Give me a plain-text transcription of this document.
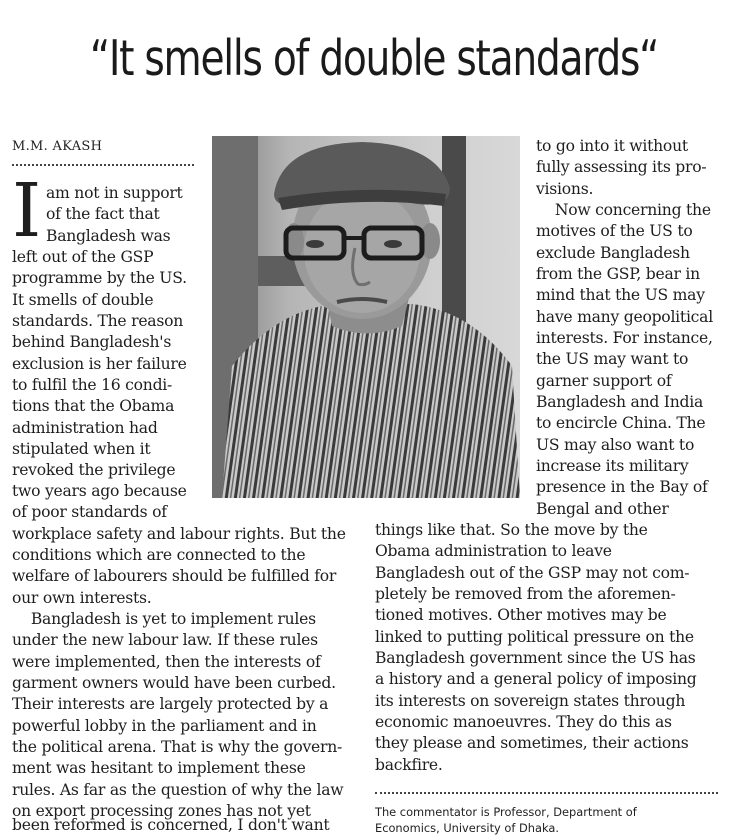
“It smells of double standards“
M.M. AKASH
I am not in support
of the fact that
Bangladesh was
left out of the GSP
programme by the US.
It smells of double
standards. The reason
behind Bangladesh's
exclusion is her failure
to fulfil the 16 condi-
tions that the Obama
administration had
stipulated when it
revoked the privilege
two years ago because
of poor standards of
workplace safety and labour rights. But the
conditions which are connected to the
welfare of labourers should be fulfilled for
our own interests.
Bangladesh is yet to implement rules
under the new labour law. If these rules
were implemented, then the interests of
garment owners would have been curbed.
Their interests are largely protected by a
powerful lobby in the parliament and in
the political arena. That is why the govern-
ment was hesitant to implement these
rules. As far as the question of why the law
on export processing zones has not yet
been reformed is concerned, I don't want
to go into it without
fully assessing its pro-
visions.
Now concerning the
motives of the US to
exclude Bangladesh
from the GSP, bear in
mind that the US may
have many geopolitical
interests. For instance,
the US may want to
garner support of
Bangladesh and India
to encircle China. The
US may also want to
increase its military
presence in the Bay of
Bengal and other
things like that. So the move by the
Obama administration to leave
Bangladesh out of the GSP may not com-
pletely be removed from the aforemen-
tioned motives. Other motives may be
linked to putting political pressure on the
Bangladesh government since the US has
a history and a general policy of imposing
its interests on sovereign states through
economic manoeuvres. They do this as
they please and sometimes, their actions
backfire.
The commentator is Professor, Department of
Economics, University of Dhaka.
